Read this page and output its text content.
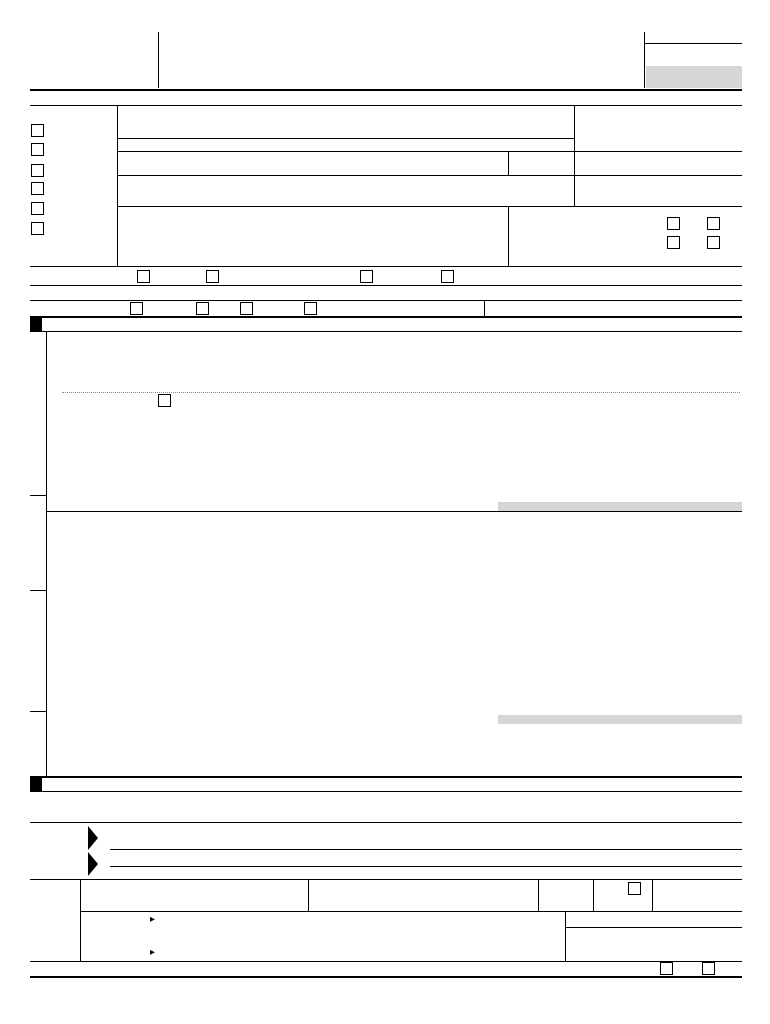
▶
▶
